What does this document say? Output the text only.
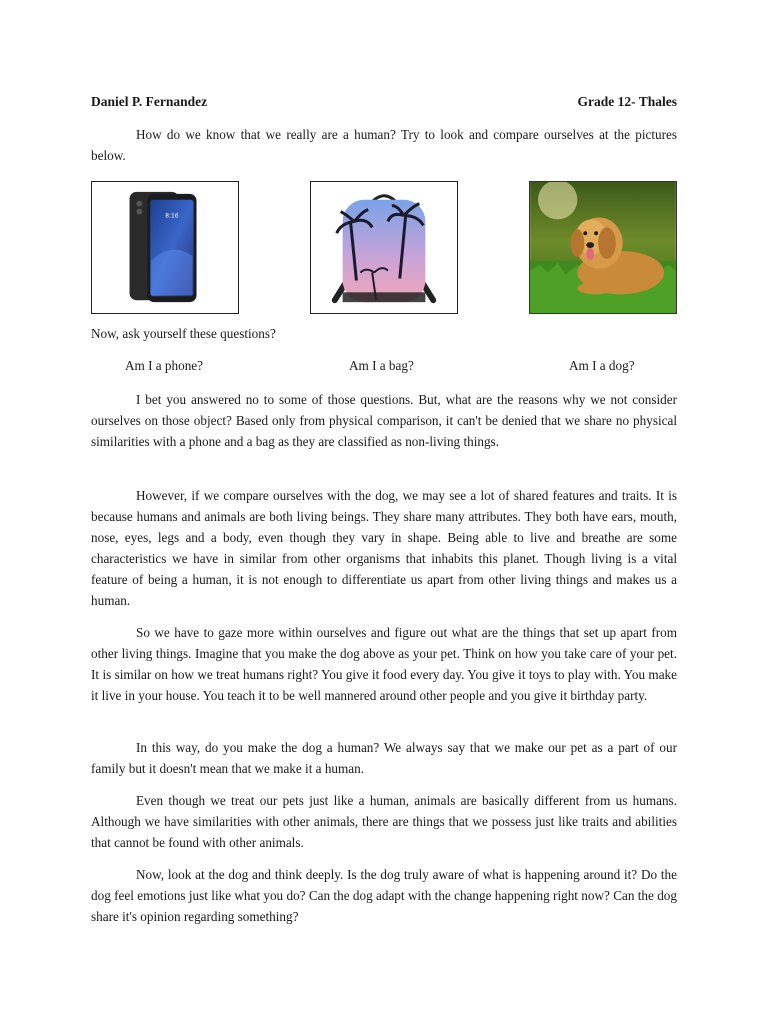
Daniel P. Fernandez	Grade 12- Thales

How do we know that we really are a human? Try to look and compare ourselves at the pictures below.

8:16

Now, ask yourself these questions?

Am I a phone?	Am I a bag?	Am I a dog?

I bet you answered no to some of those questions. But, what are the reasons why we not consider ourselves on those object? Based only from physical comparison, it can't be denied that we share no physical similarities with a phone and a bag as they are classified as non-living things.

However, if we compare ourselves with the dog, we may see a lot of shared features and traits. It is because humans and animals are both living beings. They share many attributes. They both have ears, mouth, nose, eyes, legs and a body, even though they vary in shape. Being able to live and breathe are some characteristics we have in similar from other organisms that inhabits this planet. Though living is a vital feature of being a human, it is not enough to differentiate us apart from other living things and makes us a human.

So we have to gaze more within ourselves and figure out what are the things that set up apart from other living things. Imagine that you make the dog above as your pet. Think on how you take care of your pet. It is similar on how we treat humans right? You give it food every day. You give it toys to play with. You make it live in your house. You teach it to be well mannered around other people and you give it birthday party.

In this way, do you make the dog a human? We always say that we make our pet as a part of our family but it doesn't mean that we make it a human.

Even though we treat our pets just like a human, animals are basically different from us humans. Although we have similarities with other animals, there are things that we possess just like traits and abilities that cannot be found with other animals.

Now, look at the dog and think deeply. Is the dog truly aware of what is happening around it? Do the dog feel emotions just like what you do? Can the dog adapt with the change happening right now? Can the dog share it's opinion regarding something?
